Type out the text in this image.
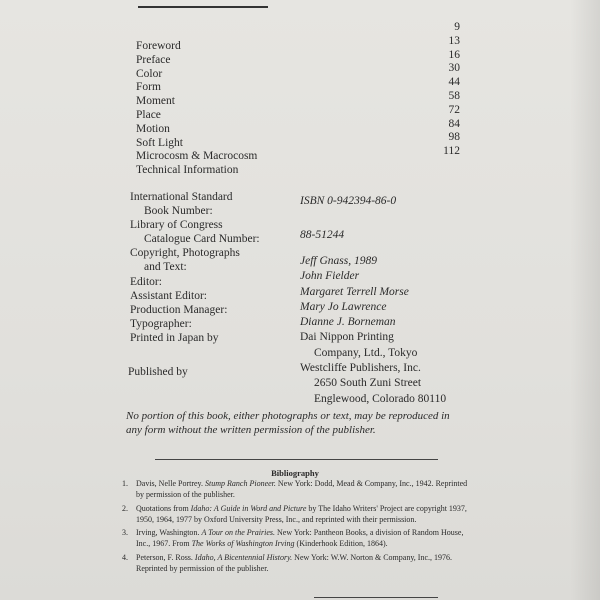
Foreword
Preface
Color
Form
Moment
Place
Motion
Soft Light
Microcosm & Macrocosm
Technical Information
9
13
16
30
44
58
72
84
98
112
International Standard
Book Number:
Library of Congress
Catalogue Card Number:
Copyright, Photographs
and Text:
Editor:
Assistant Editor:
Production Manager:
Typographer:
Printed in Japan by
Published by
ISBN 0-942394-86-0
88-51244
Jeff Gnass, 1989
John Fielder
Margaret Terrell Morse
Mary Jo Lawrence
Dianne J. Borneman
Dai Nippon Printing
Company, Ltd., Tokyo
Westcliffe Publishers, Inc.
2650 South Zuni Street
Englewood, Colorado 80110
No portion of this book, either photographs or text, may be reproduced in any form without the written permission of the publisher.
Bibliography
1. Davis, Nelle Portrey. Stump Ranch Pioneer. New York: Dodd, Mead & Company, Inc., 1942. Reprinted by permission of the publisher.
2. Quotations from Idaho: A Guide in Word and Picture by The Idaho Writers' Project are copyright 1937, 1950, 1964, 1977 by Oxford University Press, Inc., and reprinted with their permission.
3. Irving, Washington. A Tour on the Prairies. New York: Pantheon Books, a division of Random House, Inc., 1967. From The Works of Washington Irving (Kinderhook Edition, 1864).
4. Peterson, F. Ross. Idaho, A Bicentennial History. New York: W.W. Norton & Company, Inc., 1976. Reprinted by permission of the publisher.
